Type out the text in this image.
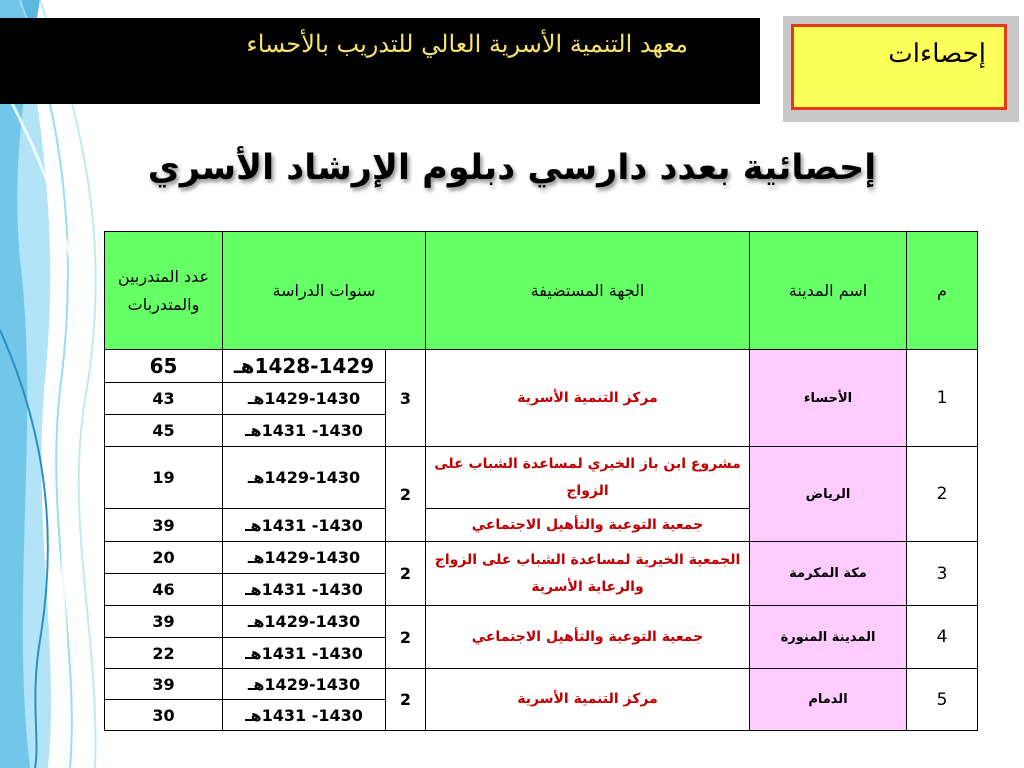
معهد التنمية الأسرية العالي للتدريب بالأحساء	إحصاءات
إحصائية بعدد دارسي دبلوم الإرشاد الأسري
م	اسم المدينة	الجهة المستضيفة	سنوات الدراسة		عدد المتدربين والمتدربات
1	الأحساء	مركز التنمية الأسرية	3	1428-1429هـ	65
				1429-1430هـ	43
				1430- 1431هـ	45
2	الرياض	مشروع ابن باز الخيري لمساعدة الشباب على الزواج	2	1429-1430هـ	19
		جمعية التوعية والتأهيل الاجتماعي		1430- 1431هـ	39
3	مكة المكرمة	الجمعية الخيرية لمساعدة الشباب على الزواج والرعاية الأسرية	2	1429-1430هـ	20
				1430- 1431هـ	46
4	المدينة المنورة	جمعية التوعية والتأهيل الاجتماعي	2	1429-1430هـ	39
				1430- 1431هـ	22
5	الدمام	مركز التنمية الأسرية	2	1429-1430هـ	39
				1430- 1431هـ	30
